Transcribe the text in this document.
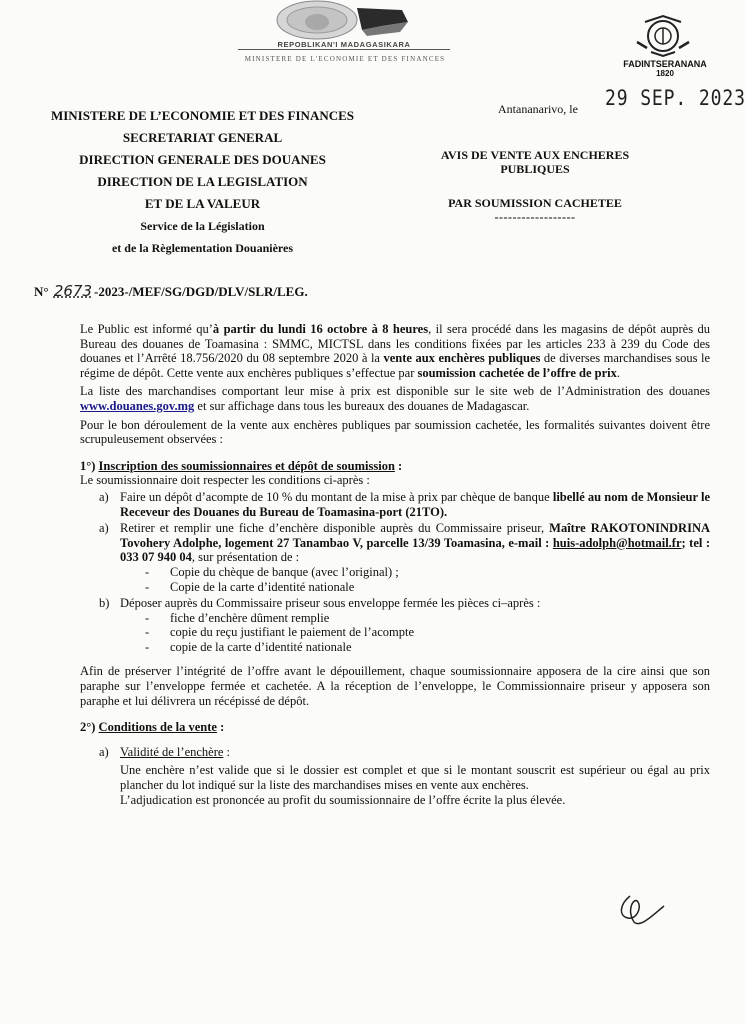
REPOBLIKAN'I MADAGASIKARA
MINISTERE DE L'ECONOMIE ET DES FINANCES	FADINTSERANANA
1820
MINISTERE DE L’ECONOMIE ET DES FINANCES
SECRETARIAT GENERAL
DIRECTION GENERALE DES DOUANES
DIRECTION DE LA LEGISLATION
ET DE LA VALEUR
Service de la Législation
et de la Règlementation Douanières
N° 2673 -2023-/MEF/SG/DGD/DLV/SLR/LEG.
Antananarivo, le 29 SEP. 2023
AVIS DE VENTE AUX ENCHERES
PUBLIQUES
PAR SOUMISSION CACHETEE
------------------

Le Public est informé qu’à partir du lundi 16 octobre à 8 heures, il sera procédé dans les magasins de dépôt auprès du Bureau des douanes de Toamasina : SMMC, MICTSL dans les conditions fixées par les articles 233 à 239 du Code des douanes et l’Arrêté 18.756/2020 du 08 septembre 2020 à la vente aux enchères publiques de diverses marchandises sous le régime de dépôt. Cette vente aux enchères publiques s’effectue par soumission cachetée de l’offre de prix.

La liste des marchandises comportant leur mise à prix est disponible sur le site web de l’Administration des douanes www.douanes.gov.mg et sur affichage dans tous les bureaux des douanes de Madagascar.

Pour le bon déroulement de la vente aux enchères publiques par soumission cachetée, les formalités suivantes doivent être scrupuleusement observées :

1°) Inscription des soumissionnaires et dépôt de soumission :

Le soumissionnaire doit respecter les conditions ci-après :

a) Faire un dépôt d’acompte de 10 % du montant de la mise à prix par chèque de banque libellé au nom de Monsieur le Receveur des Douanes du Bureau de Toamasina-port (21TO).
a) Retirer et remplir une fiche d’enchère disponible auprès du Commissaire priseur, Maître RAKOTONINDRINA Tovohery Adolphe, logement 27 Tanambao V, parcelle 13/39 Toamasina, e-mail : huis-adolph@hotmail.fr; tel : 033 07 940 04, sur présentation de :
- Copie du chèque de banque (avec l’original) ;
- Copie de la carte d’identité nationale
b) Déposer auprès du Commissaire priseur sous enveloppe fermée les pièces ci–après :
- fiche d’enchère dûment remplie
- copie du reçu justifiant le paiement de l’acompte
- copie de la carte d’identité nationale

Afin de préserver l’intégrité de l’offre avant le dépouillement, chaque soumissionnaire apposera de la cire ainsi que son paraphe sur l’enveloppe fermée et cachetée. A la réception de l’enveloppe, le Commissionnaire priseur y apposera son paraphe et lui délivrera un récépissé de dépôt.

2°) Conditions de la vente :

a) Validité de l’enchère :

Une enchère n’est valide que si le dossier est complet et que si le montant souscrit est supérieur ou égal au prix plancher du lot indiqué sur la liste des marchandises mises en vente aux enchères.

L’adjudication est prononcée au profit du soumissionnaire de l’offre écrite la plus élevée.
